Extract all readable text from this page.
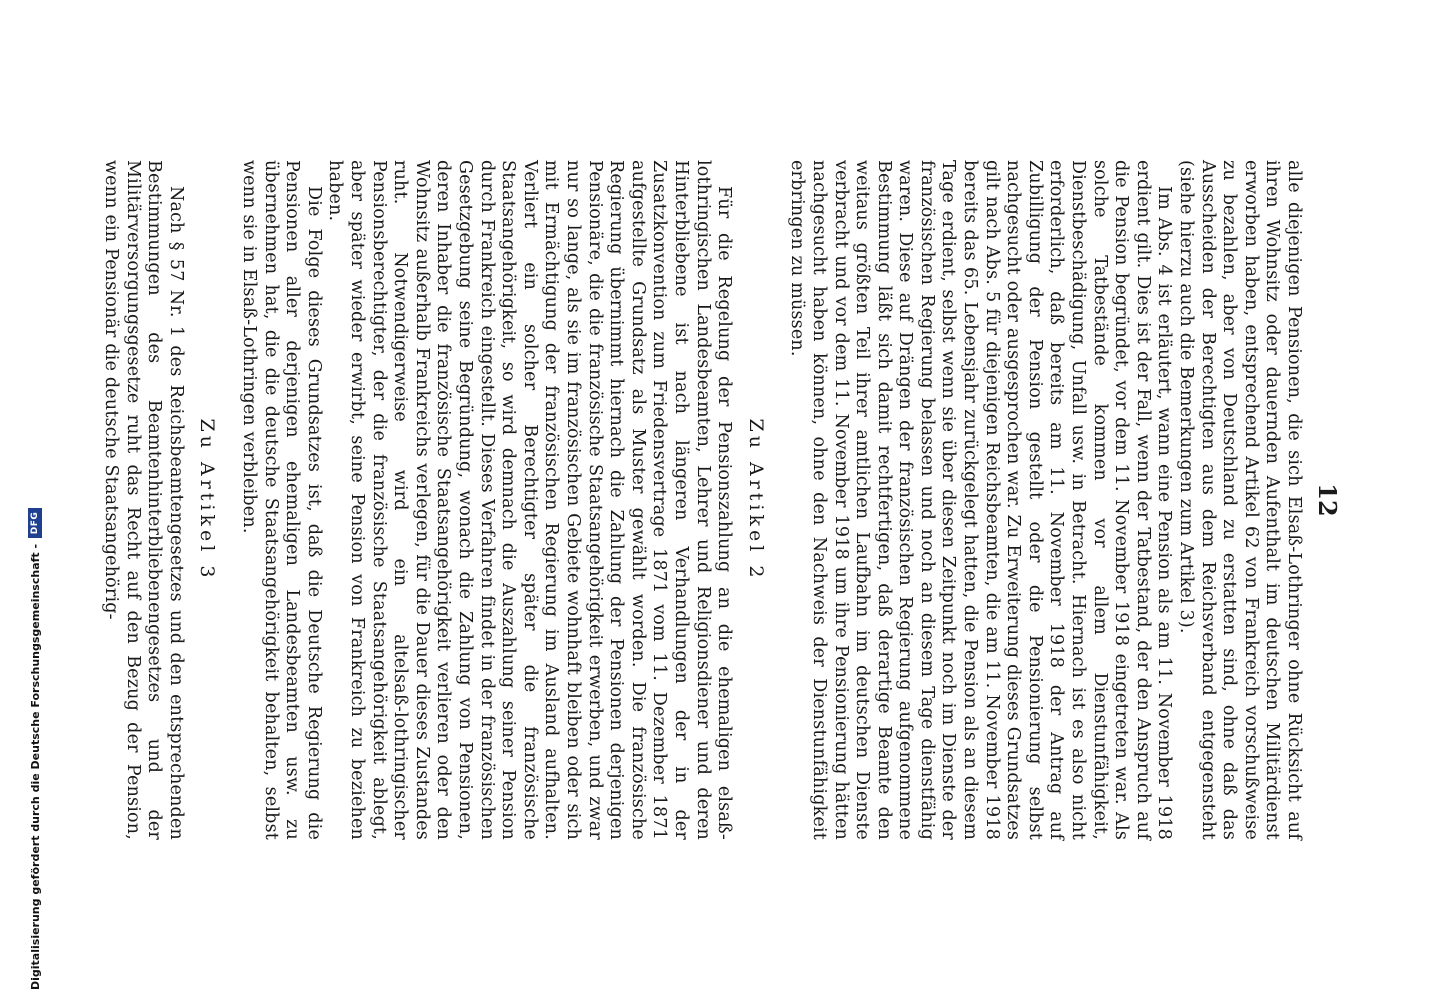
12

alle diejenigen Pensionen, die sich Elsaß-Lothringer ohne Rücksicht auf ihren Wohnsitz oder dauernden Aufenthalt im deutschen Militärdienst erworben haben, entsprechend Artikel 62 von Frankreich vorschußweise zu bezahlen, aber von Deutschland zu erstatten sind, ohne daß das Ausscheiden der Berechtigten aus dem Reichsverband entgegensteht (siehe hierzu auch die Bemerkungen zum Artikel 3).

Im Abs. 4 ist erläutert, wann eine Pension als am 11. November 1918 erdient gilt. Dies ist der Fall, wenn der Tatbestand, der den Anspruch auf die Pension begründet, vor dem 11. November 1918 eingetreten war. Als solche Tatbestände kommen vor allem Dienstunfähigkeit, Dienstbeschädigung, Unfall usw. in Betracht. Hiernach ist es also nicht erforderlich, daß bereits am 11. November 1918 der Antrag auf Zubilligung der Pension gestellt oder die Pensionierung selbst nachgesucht oder ausgesprochen war. Zu Erweiterung dieses Grundsatzes gilt nach Abs. 5 für diejenigen Reichsbeamten, die am 11. November 1918 bereits das 65. Lebensjahr zurückgelegt hatten, die Pension als an diesem Tage erdient, selbst wenn sie über diesen Zeitpunkt noch im Dienste der französischen Regierung belassen und noch an diesem Tage dienstfähig waren. Diese auf Drängen der französischen Regierung aufgenommene Bestimmung läßt sich damit rechtfertigen, daß derartige Beamte den weitaus größten Teil ihrer amtlichen Laufbahn im deutschen Dienste verbracht und vor dem 11. November 1918 um ihre Pensionierung hätten nachgesucht haben können, ohne den Nachweis der Dienstunfähigkeit erbringen zu müssen.

Zu Artikel 2

Für die Regelung der Pensionszahlung an die ehemaligen elsaß-lothringischen Landesbeamten, Lehrer und Religionsdiener und deren Hinterbliebene ist nach längeren Verhandlungen der in der Zusatzkonvention zum Friedensvertrage 1871 vom 11. Dezember 1871 aufgestellte Grundsatz als Muster gewählt worden. Die französische Regierung übernimmt hiernach die Zahlung der Pensionen derjenigen Pensionäre, die die französische Staatsangehörigkeit erwerben, und zwar nur so lange, als sie im französischen Gebiete wohnhaft bleiben oder sich mit Ermächtigung der französischen Regierung im Ausland aufhalten. Verliert ein solcher Berechtigter später die französische Staatsangehörigkeit, so wird demnach die Auszahlung seiner Pension durch Frankreich eingestellt. Dieses Verfahren findet in der französischen Gesetzgebung seine Begründung, wonach die Zahlung von Pensionen, deren Inhaber die französische Staatsangehörigkeit verlieren oder den Wohnsitz außerhalb Frankreichs verlegen, für die Dauer dieses Zustandes ruht. Notwendigerweise wird ein altelsaß-lothringischer Pensionsberechtigter, der die französische Staatsangehörigkeit ablegt, aber später wieder erwirbt, seine Pension von Frankreich zu beziehen haben.

Die Folge dieses Grundsatzes ist, daß die Deutsche Regierung die Pensionen aller derjenigen ehemaligen Landesbeamten usw. zu übernehmen hat, die die deutsche Staatsangehörigkeit behalten, selbst wenn sie in Elsaß-Lothringen verbleiben.

Zu Artikel 3

Nach § 57 Nr. 1 des Reichsbeamtengesetzes und den entsprechenden Bestimmungen des Beamtenhinterbliebenengesetzes und der Militärversorgungsgesetze ruht das Recht auf den Bezug der Pension, wenn ein Pensionär die deutsche Staatsangehörig-

Digitalisierung gefördert durch die Deutsche Forschungsgemeinschaft -
DFG
